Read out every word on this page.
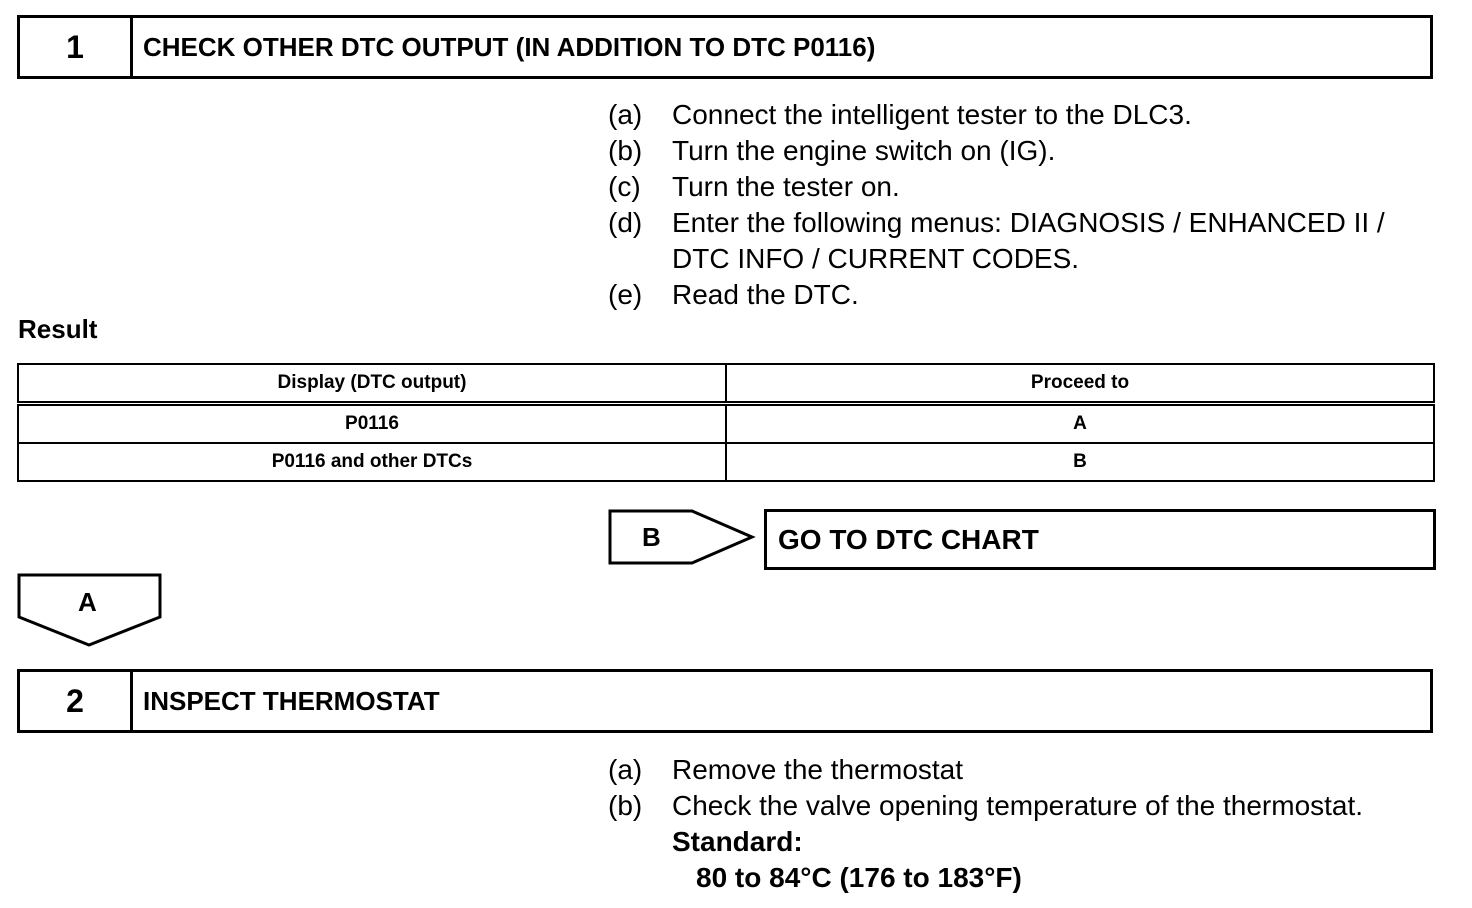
1	CHECK OTHER DTC OUTPUT (IN ADDITION TO DTC P0116)
(a)	Connect the intelligent tester to the DLC3.
(b)	Turn the engine switch on (IG).
(c)	Turn the tester on.
(d)	Enter the following menus: DIAGNOSIS / ENHANCED II / DTC INFO / CURRENT CODES.
(e)	Read the DTC.
Result
Display (DTC output)	Proceed to
P0116	A
P0116 and other DTCs	B
B	GO TO DTC CHART
A
2	INSPECT THERMOSTAT
(a)	Remove the thermostat
(b)	Check the valve opening temperature of the thermostat.
Standard:
80 to 84°C (176 to 183°F)
